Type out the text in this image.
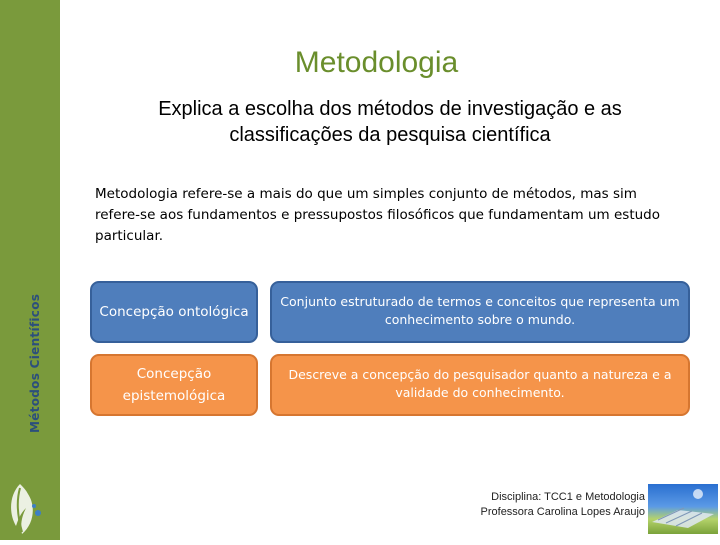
Métodos Científicos
Metodologia
Explica a escolha dos métodos de investigação e as classificações da pesquisa científica
Metodologia refere-se a mais do que um simples conjunto de métodos, mas sim refere-se aos fundamentos e pressupostos filosóficos que fundamentam um estudo particular.
Concepção ontológica
Conjunto estruturado de termos e conceitos que representa um conhecimento sobre o mundo.
Concepção epistemológica
Descreve a concepção do pesquisador quanto a natureza e a validade do conhecimento.
Disciplina: TCC1 e Metodologia
Professora Carolina Lopes Araujo
